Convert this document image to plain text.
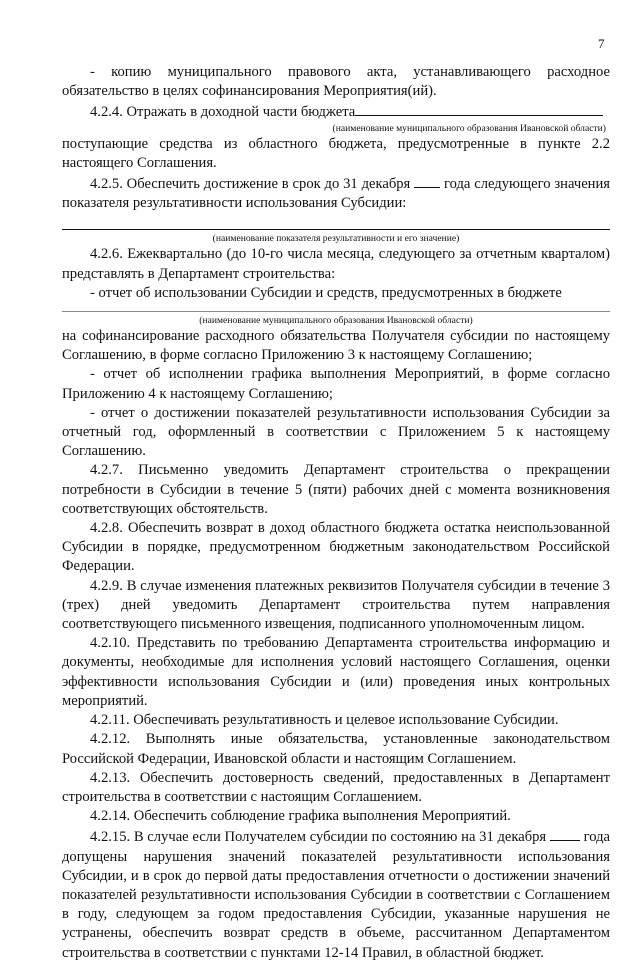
7

- копию муниципального правового акта, устанавливающего расходное обязательство в целях софинансирования Мероприятия(ий).

4.2.4. Отражать в доходной части бюджета

(наименование муниципального образования Ивановской области)

поступающие средства из областного бюджета, предусмотренные в пункте 2.2 настоящего Соглашения.

4.2.5. Обеспечить достижение в срок до 31 декабря года следующего значения показателя результативности использования Субсидии:

(наименование показателя результативности и его значение)

4.2.6. Ежеквартально (до 10-го числа месяца, следующего за отчетным кварталом) представлять в Департамент строительства:

- отчет об использовании Субсидии и средств, предусмотренных в бюджете

(наименование муниципального образования Ивановской области)

на софинансирование расходного обязательства Получателя субсидии по настоящему Соглашению, в форме согласно Приложению 3 к настоящему Соглашению;

- отчет об исполнении графика выполнения Мероприятий, в форме согласно Приложению 4 к настоящему Соглашению;

- отчет о достижении показателей результативности использования Субсидии за отчетный год, оформленный в соответствии с Приложением 5 к настоящему Соглашению.

4.2.7. Письменно уведомить Департамент строительства о прекращении потребности в Субсидии в течение 5 (пяти) рабочих дней с момента возникновения соответствующих обстоятельств.

4.2.8. Обеспечить возврат в доход областного бюджета остатка неиспользованной Субсидии в порядке, предусмотренном бюджетным законодательством Российской Федерации.

4.2.9. В случае изменения платежных реквизитов Получателя субсидии в течение 3 (трех) дней уведомить Департамент строительства путем направления соответствующего письменного извещения, подписанного уполномоченным лицом.

4.2.10. Представить по требованию Департамента строительства информацию и документы, необходимые для исполнения условий настоящего Соглашения, оценки эффективности использования Субсидии и (или) проведения иных контрольных мероприятий.

4.2.11. Обеспечивать результативность и целевое использование Субсидии.

4.2.12. Выполнять иные обязательства, установленные законодательством Российской Федерации, Ивановской области и настоящим Соглашением.

4.2.13. Обеспечить достоверность сведений, предоставленных в Департамент строительства в соответствии с настоящим Соглашением.

4.2.14. Обеспечить соблюдение графика выполнения Мероприятий.

4.2.15. В случае если Получателем субсидии по состоянию на 31 декабря	года допущены нарушения значений показателей результативности использования Субсидии, и в срок до первой даты предоставления отчетности о достижении значений показателей результативности использования Субсидии в соответствии с Соглашением в году, следующем за годом предоставления Субсидии, указанные нарушения не устранены, обеспечить возврат средств в объеме, рассчитанном Департаментом строительства в соответствии с пунктами 12-14 Правил, в областной бюджет.
